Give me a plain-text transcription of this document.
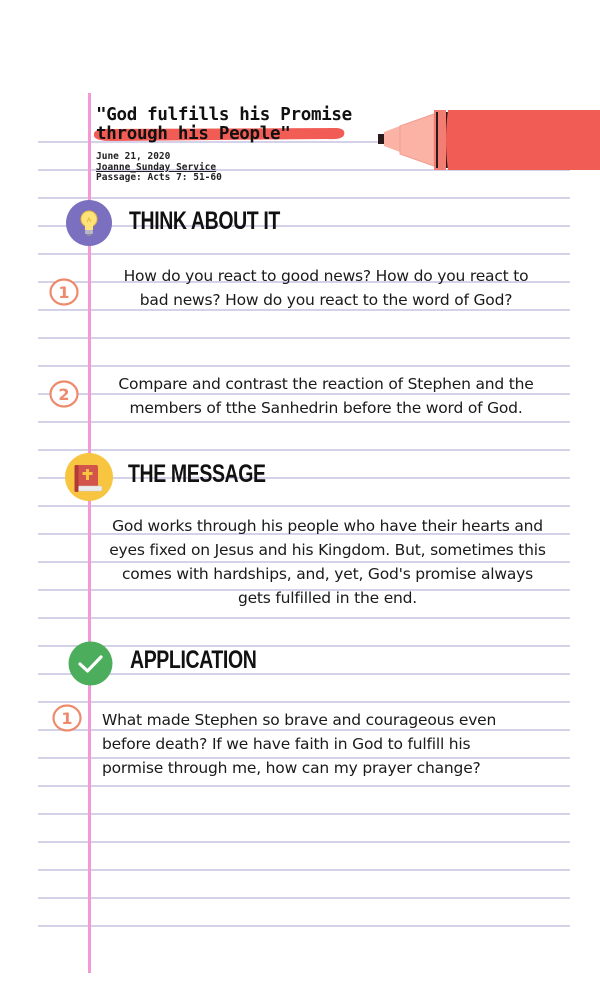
"God fulfills his Promise
through his People"
June 21, 2020
Joanne_Sunday Service
Passage: Acts 7: 51-60
THINK ABOUT IT
1

How do you react to good news? How do you react to
bad news? How do you react to the word of God?

2

Compare and contrast the reaction of Stephen and the
members of tthe Sanhedrin before the word of God.

THE MESSAGE

God works through his people who have their hearts and
eyes fixed on Jesus and his Kingdom. But, sometimes this
comes with hardships, and, yet, God's promise always
gets fulfilled in the end.

APPLICATION
1 What made Stephen so brave and courageous even
before death? If we have faith in God to fulfill his
pormise through me, how can my prayer change?
